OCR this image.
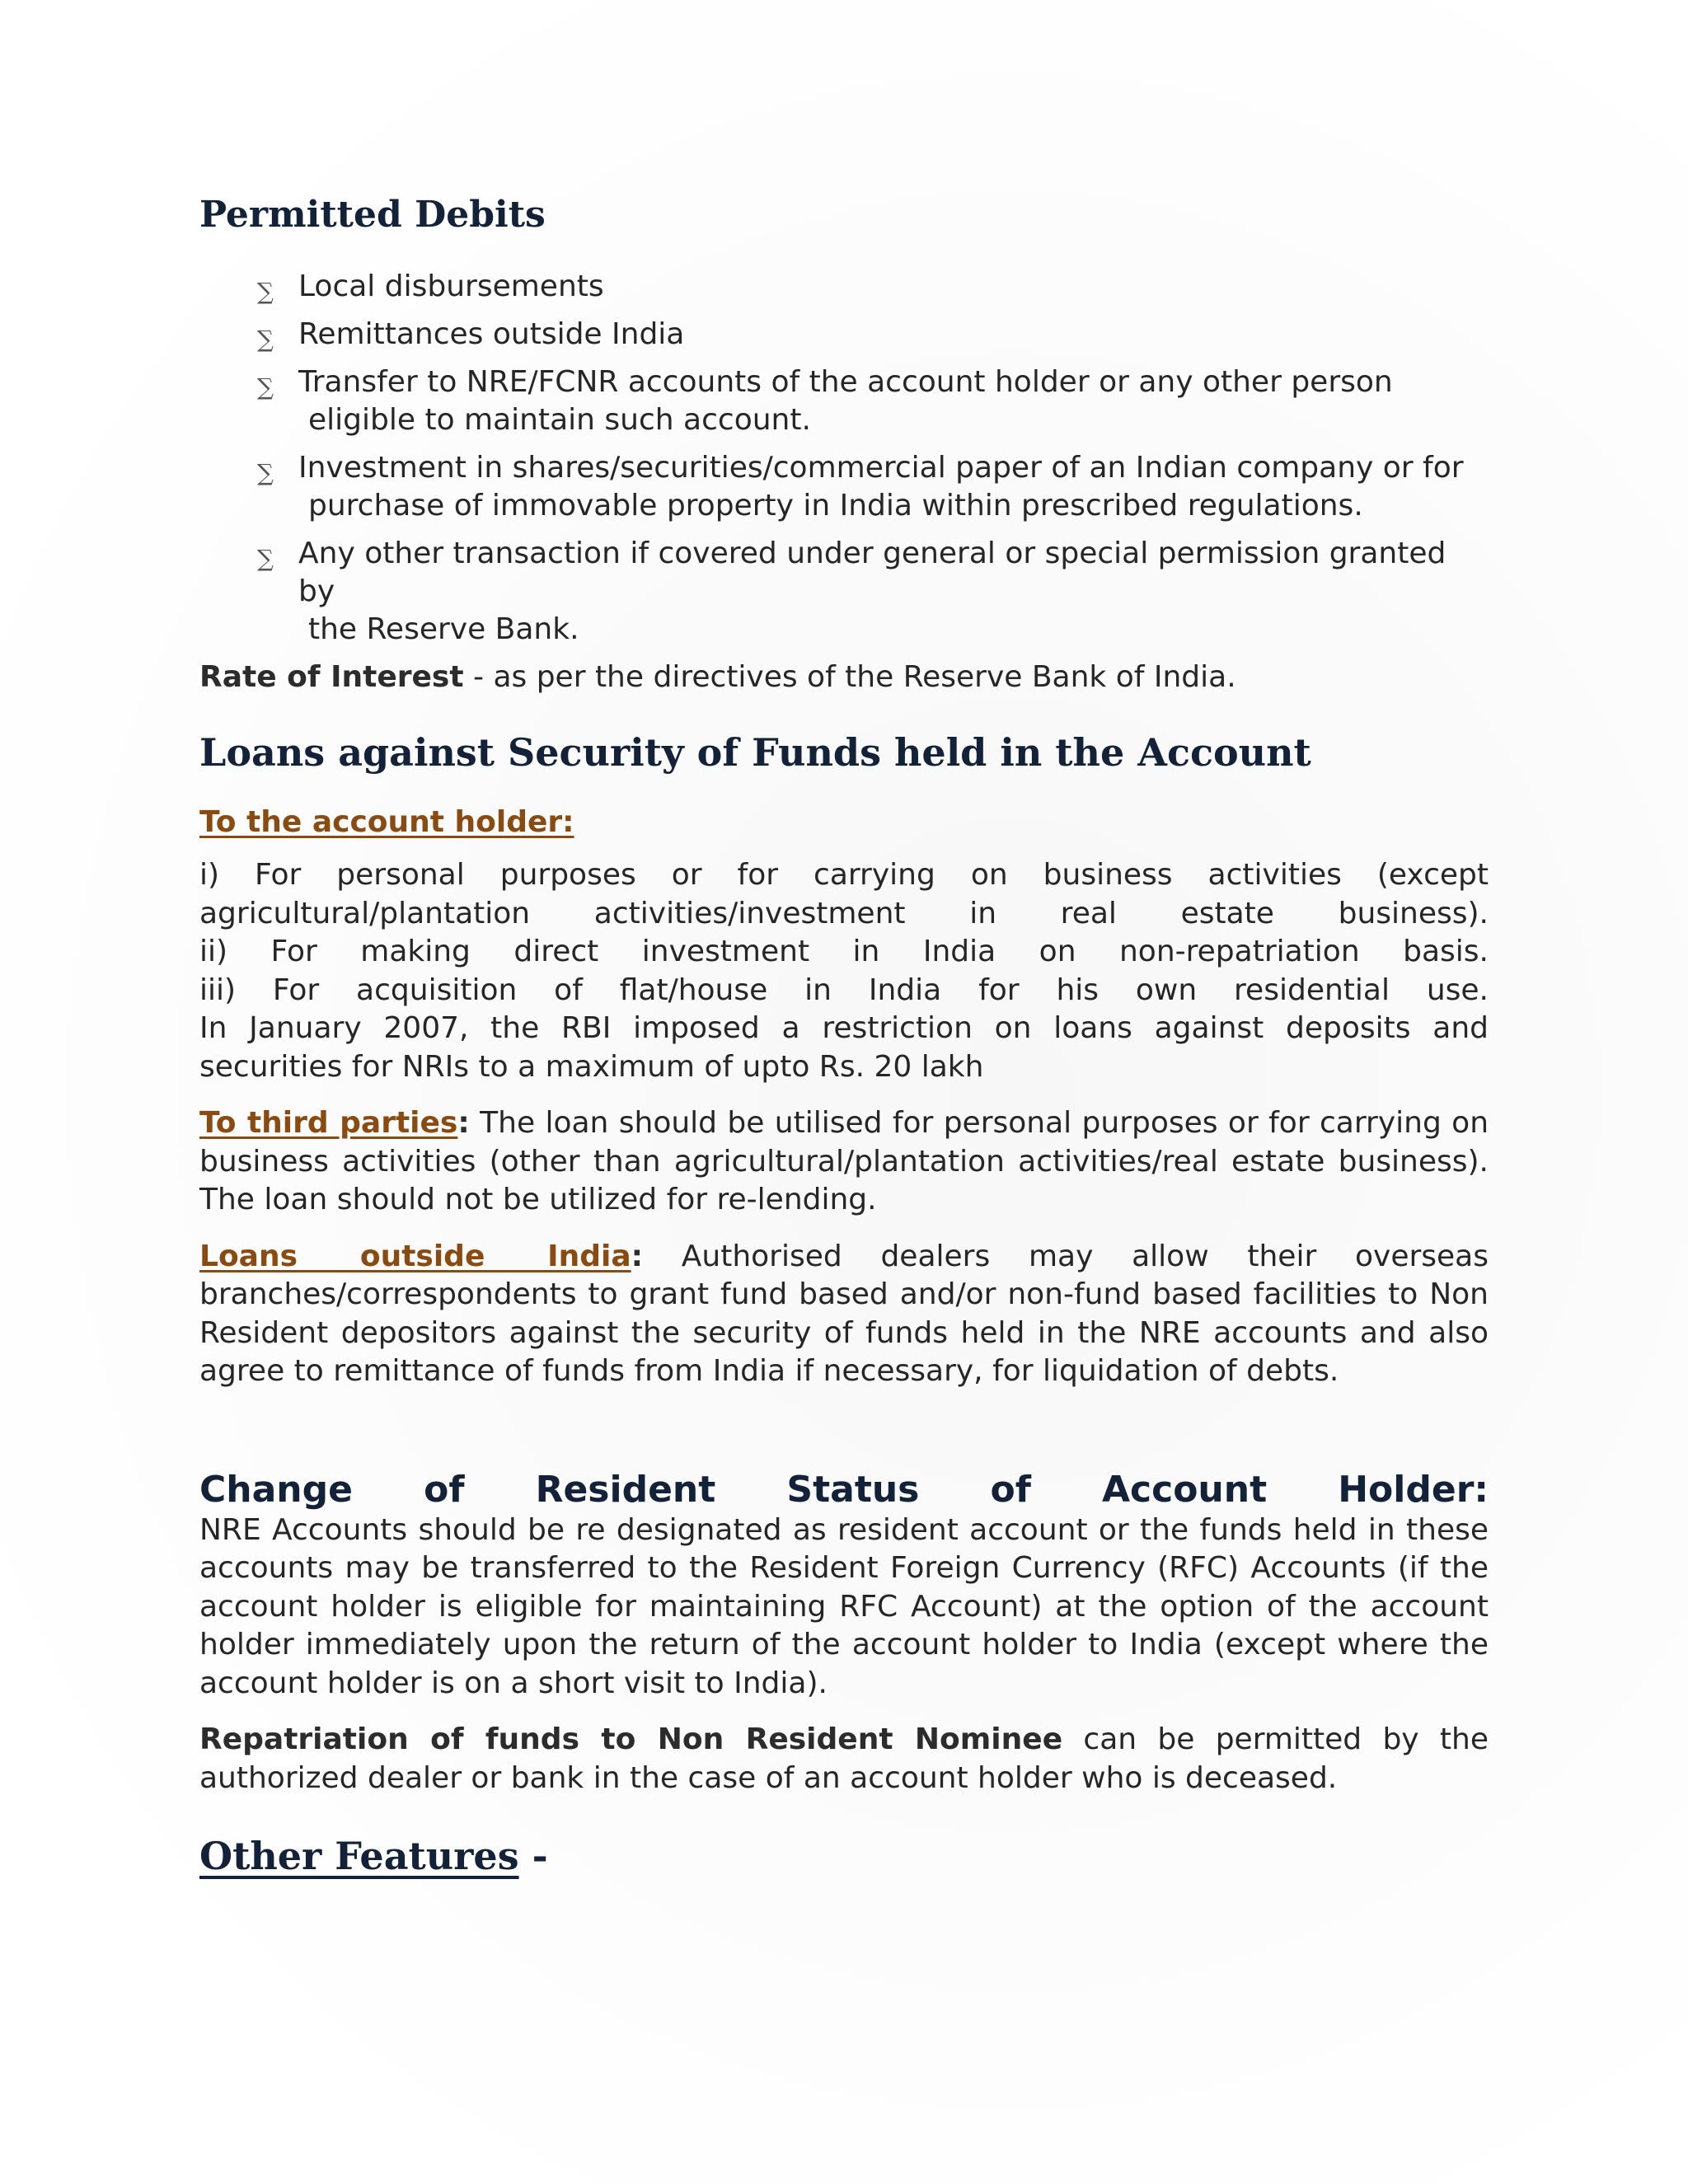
Permitted Debits
∑ Local disbursements
∑ Remittances outside India
∑ Transfer to NRE/FCNR accounts of the account holder or any other person
eligible to maintain such account.
∑ Investment in shares/securities/commercial paper of an Indian company or for
purchase of immovable property in India within prescribed regulations.
∑ Any other transaction if covered under general or special permission granted by
the Reserve Bank.

Rate of Interest - as per the directives of the Reserve Bank of India.

Loans against Security of Funds held in the Account

To the account holder:

i) For personal purposes or for carrying on business activities (except

agricultural/plantation activities/investment in real estate business).

ii) For making direct investment in India on non-repatriation basis.

iii) For acquisition of flat/house in India for his own residential use.

In January 2007, the RBI imposed a restriction on loans against deposits and securities for NRIs to a maximum of upto Rs. 20 lakh

To third parties: The loan should be utilised for personal purposes or for carrying on business activities (other than agricultural/plantation activities/real estate business). The loan should not be utilized for re-lending.

Loans outside India: Authorised dealers may allow their overseas branches/correspondents to grant fund based and/or non-fund based facilities to Non Resident depositors against the security of funds held in the NRE accounts and also agree to remittance of funds from India if necessary, for liquidation of debts.

Change of Resident Status of Account Holder:

NRE Accounts should be re designated as resident account or the funds held in these accounts may be transferred to the Resident Foreign Currency (RFC) Accounts (if the account holder is eligible for maintaining RFC Account) at the option of the account holder immediately upon the return of the account holder to India (except where the account holder is on a short visit to India).

Repatriation of funds to Non Resident Nominee can be permitted by the authorized dealer or bank in the case of an account holder who is deceased.

Other Features -
